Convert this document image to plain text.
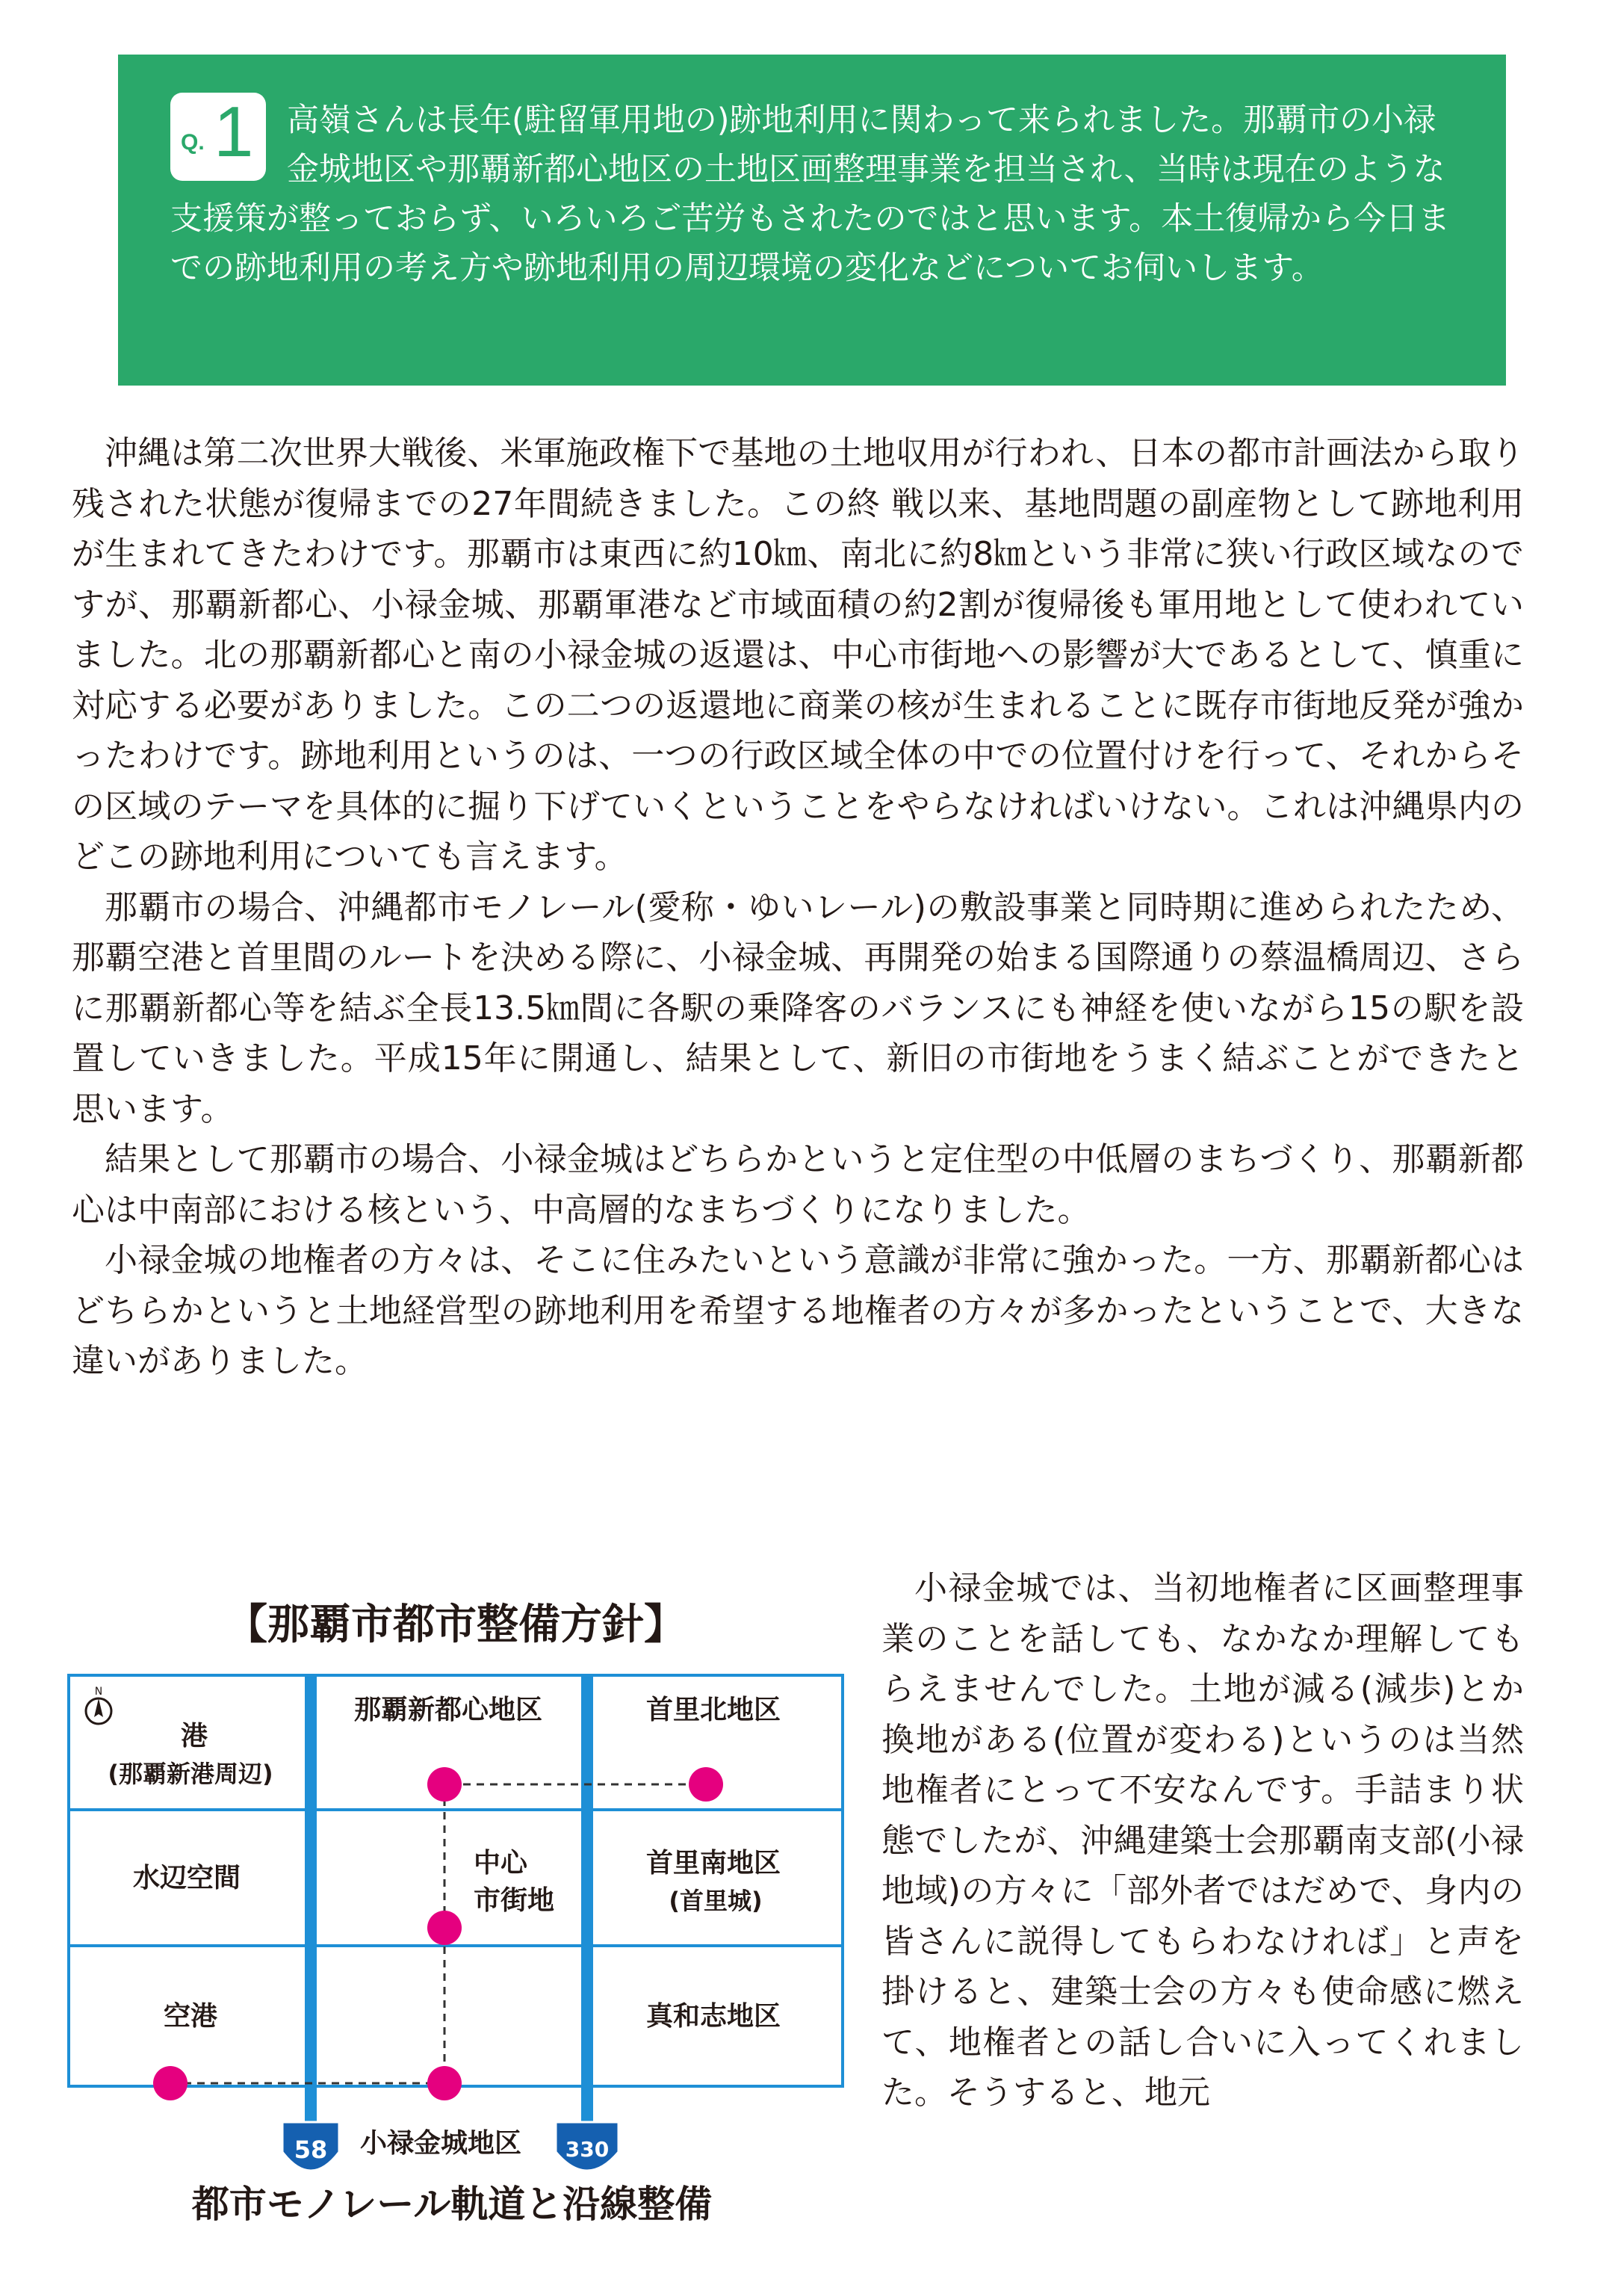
Q. 1 高嶺さんは長年(駐留軍用地の)跡地利用に関わって来られました。那覇市の小禄金城地区や那覇新都心地区の土地区画整理事業を担当され、当時は現在のような支援策が整っておらず、いろいろご苦労もされたのではと思います。本土復帰から今日までの跡地利用の考え方や跡地利用の周辺環境の変化などについてお伺いします。

沖縄は第二次世界大戦後、米軍施政権下で基地の土地収用が行われ、日本の都市計画法から取り残された状態が復帰までの27年間続きました。この終 戦以来、基地問題の副産物として跡地利用が生まれてきたわけです。那覇市は東西に約10㎞、南北に約8㎞という非常に狭い行政区域なのですが、那覇新都心、小禄金城、那覇軍港など市域面積の約2割が復帰後も軍用地として使われていました。北の那覇新都心と南の小禄金城の返還は、中心市街地への影響が大であるとして、慎重に対応する必要がありました。この二つの返還地に商業の核が生まれることに既存市街地反発が強かったわけです。跡地利用というのは、一つの行政区域全体の中での位置付けを行って、それからその区域のテーマを具体的に掘り下げていくということをやらなければいけない。これは沖縄県内のどこの跡地利用についても言えます。

那覇市の場合、沖縄都市モノレール(愛称・ゆいレール)の敷設事業と同時期に進められたため、那覇空港と首里間のルートを決める際に、小禄金城、再開発の始まる国際通りの蔡温橋周辺、さらに那覇新都心等を結ぶ全長13.5㎞間に各駅の乗降客のバランスにも神経を使いながら15の駅を設置していきました。平成15年に開通し、結果として、新旧の市街地をうまく結ぶことができたと思います。

結果として那覇市の場合、小禄金城はどちらかというと定住型の中低層のまちづくり、那覇新都心は中南部における核という、中高層的なまちづくりになりました。

小禄金城の地権者の方々は、そこに住みたいという意識が非常に強かった。一方、那覇新都心はどちらかというと土地経営型の跡地利用を希望する地権者の方々が多かったということで、大きな違いがありました。

【那覇市都市整備方針】
N
港
(那覇新港周辺)
那覇新都心地区	首里北地区
水辺空間	中心
市街地
首里南地区
(首里城)
空港
小禄金城地区
真和志地区
58	330
都市モノレール軌道と沿線整備

小禄金城では、当初地権者に区画整理事業のことを話しても、なかなか理解してもらえませんでした。土地が減る(減歩)とか換地がある(位置が変わる)というのは当然地権者にとって不安なんです。手詰まり状態でしたが、沖縄建築士会那覇南支部(小禄地域)の方々に「部外者ではだめで、身内の皆さんに説得してもらわなければ」と声を掛けると、建築士会の方々も使命感に燃えて、地権者との話し合いに入ってくれました。そうすると、地元
